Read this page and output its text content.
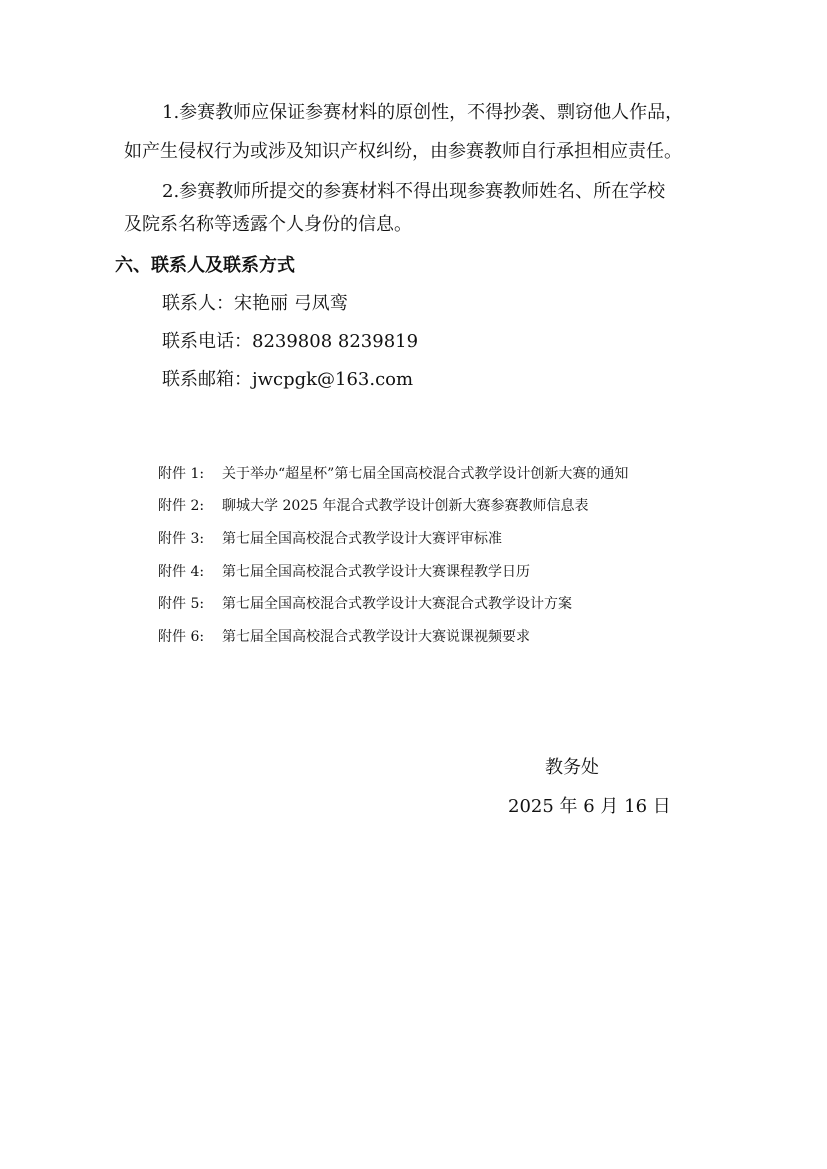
1.参赛教师应保证参赛材料的原创性，不得抄袭、剽窃他人作品，
如产生侵权行为或涉及知识产权纠纷，由参赛教师自行承担相应责任。
2.参赛教师所提交的参赛材料不得出现参赛教师姓名、所在学校
及院系名称等透露个人身份的信息。
六、联系人及联系方式
联系人：宋艳丽 弓凤鸾
联系电话：8239808 8239819
联系邮箱：jwcpgk@163.com
附件 1: 关于举办“超星杯”第七届全国高校混合式教学设计创新大赛的通知
附件 2: 聊城大学 2025 年混合式教学设计创新大赛参赛教师信息表
附件 3: 第七届全国高校混合式教学设计大赛评审标准
附件 4: 第七届全国高校混合式教学设计大赛课程教学日历
附件 5: 第七届全国高校混合式教学设计大赛混合式教学设计方案
附件 6: 第七届全国高校混合式教学设计大赛说课视频要求
教务处
2025 年 6 月 16 日
